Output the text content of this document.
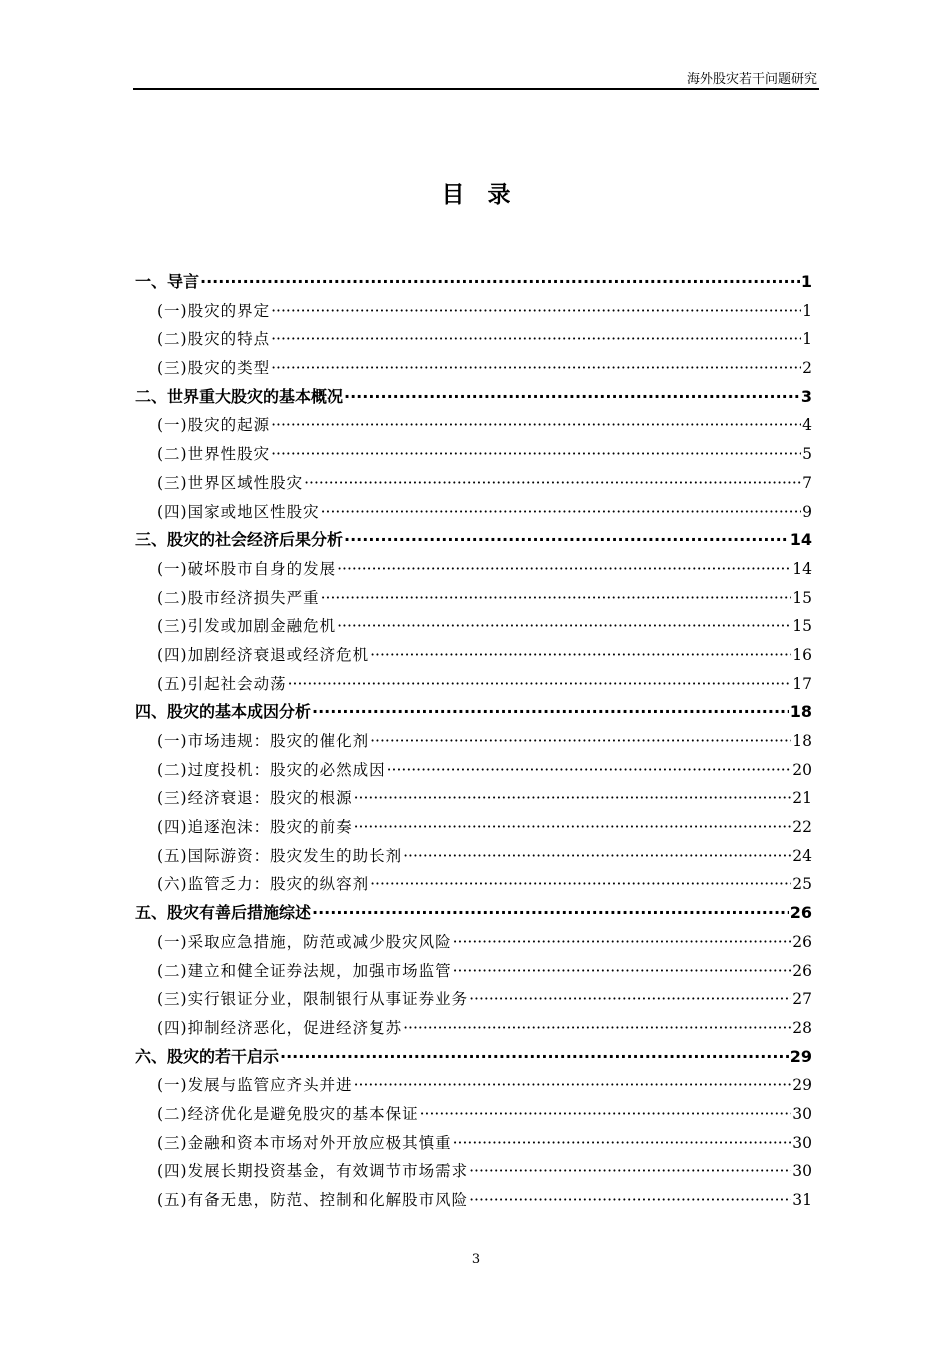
海外股灾若干问题研究
目　录
一、导言 ·····	1
(一)股灾的界定 ·····	1
(二)股灾的特点 ·····	1
(三)股灾的类型 ·····	2
二、世界重大股灾的基本概况 ·····	3
(一)股灾的起源 ·····	4
(二)世界性股灾 ·····	5
(三)世界区域性股灾 ·····	7
(四)国家或地区性股灾 ·····	9
三、股灾的社会经济后果分析 ·····	14
(一)破坏股市自身的发展 ·····	14
(二)股市经济损失严重 ·····	15
(三)引发或加剧金融危机 ·····	15
(四)加剧经济衰退或经济危机 ·····	16
(五)引起社会动荡 ·····	17
四、股灾的基本成因分析 ·····	18
(一)市场违规：股灾的催化剂 ·····	18
(二)过度投机：股灾的必然成因 ·····	20
(三)经济衰退：股灾的根源 ·····	21
(四)追逐泡沫：股灾的前奏 ·····	22
(五)国际游资：股灾发生的助长剂 ·····	24
(六)监管乏力：股灾的纵容剂 ·····	25
五、股灾有善后措施综述 ·····	26
(一)采取应急措施，防范或减少股灾风险 ·····	26
(二)建立和健全证券法规，加强市场监管 ·····	26
(三)实行银证分业，限制银行从事证券业务 ·····	27
(四)抑制经济恶化，促进经济复苏 ·····	28
六、股灾的若干启示 ·····	29
(一)发展与监管应齐头并进 ·····	29
(二)经济优化是避免股灾的基本保证 ·····	30
(三)金融和资本市场对外开放应极其慎重 ·····	30
(四)发展长期投资基金，有效调节市场需求 ·····	30
(五)有备无患，防范、控制和化解股市风险 ·····	31
3
